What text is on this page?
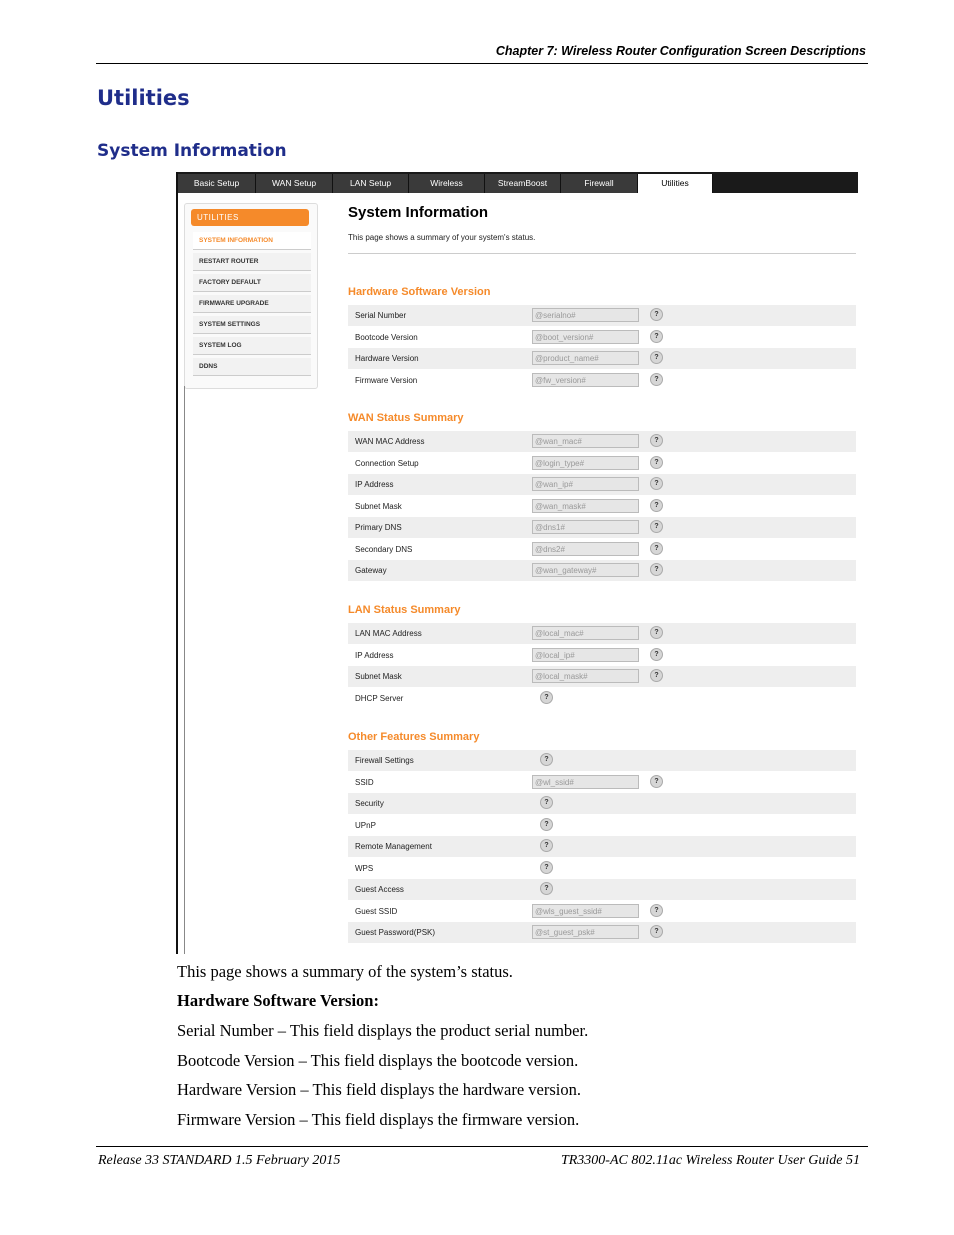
Chapter 7: Wireless Router Configuration Screen Descriptions
Utilities
System Information
Basic Setup	WAN Setup	LAN Setup	Wireless	StreamBoost	Firewall	Utilities
UTILITIES
SYSTEM INFORMATION
RESTART ROUTER
FACTORY DEFAULT
FIRMWARE UPGRADE
SYSTEM SETTINGS
SYSTEM LOG
DDNS
System Information
This page shows a summary of your system's status.
Hardware Software Version
Serial Number	@serialno#	?
Bootcode Version	@boot_version#	?
Hardware Version	@product_name#	?
Firmware Version	@fw_version#	?
WAN Status Summary
WAN MAC Address	@wan_mac#	?
Connection Setup	@login_type#	?
IP Address	@wan_ip#	?
Subnet Mask	@wan_mask#	?
Primary DNS	@dns1#	?
Secondary DNS	@dns2#	?
Gateway	@wan_gateway#	?
LAN Status Summary
LAN MAC Address	@local_mac#	?
IP Address	@local_ip#	?
Subnet Mask	@local_mask#	?
DHCP Server	?
Other Features Summary
Firewall Settings	?
SSID	@wl_ssid#	?
Security	?
UPnP	?
Remote Management	?
WPS	?
Guest Access	?
Guest SSID	@wls_guest_ssid#	?
Guest Password(PSK)	@st_guest_psk#	?
This page shows a summary of the system’s status.
Hardware Software Version:
Serial Number – This field displays the product serial number.
Bootcode Version – This field displays the bootcode version.
Hardware Version – This field displays the hardware version.
Firmware Version – This field displays the firmware version.
Release 33 STANDARD 1.5 February 2015	TR3300-AC 802.11ac Wireless Router User Guide 51
